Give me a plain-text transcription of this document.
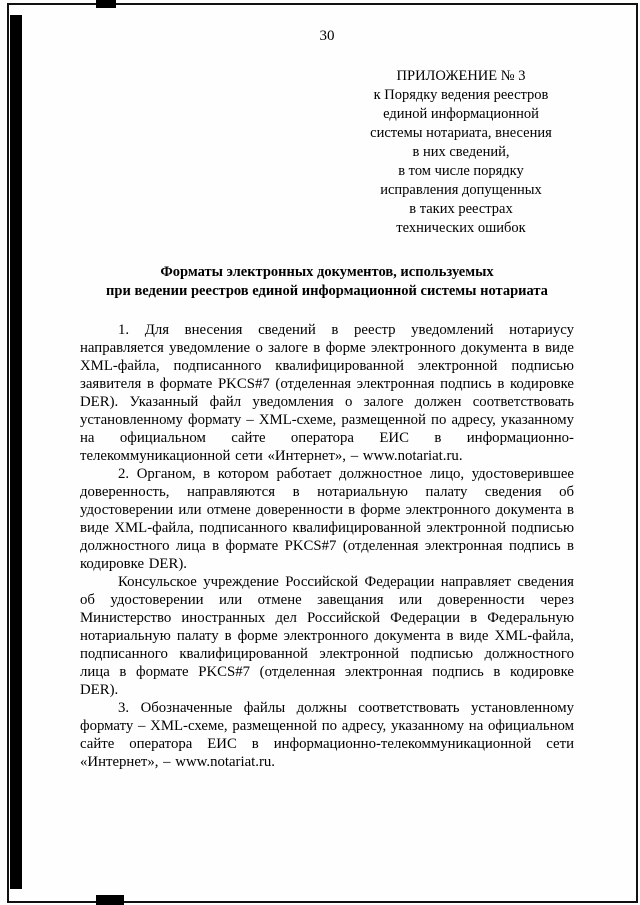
30
ПРИЛОЖЕНИЕ № 3
к Порядку ведения реестров
единой информационной
системы нотариата, внесения
в них сведений,
в том числе порядку
исправления допущенных
в таких реестрах
технических ошибок
Форматы электронных документов, используемых
при ведении реестров единой информационной системы нотариата

1. Для внесения сведений в реестр уведомлений нотариусу направляется уведомление о залоге в форме электронного документа в виде XML-файла, подписанного квалифицированной электронной подписью заявителя в формате PKCS#7 (отделенная электронная подпись в кодировке DER). Указанный файл уведомления о залоге должен соответствовать установленному формату – XML-схеме, размещенной по адресу, указанному на официальном сайте оператора ЕИС в информационно-телекоммуникационной сети «Интернет», – www.notariat.ru.

2. Органом, в котором работает должностное лицо, удостоверившее доверенность, направляются в нотариальную палату сведения об удостоверении или отмене доверенности в форме электронного документа в виде XML-файла, подписанного квалифицированной электронной подписью должностного лица в формате PKCS#7 (отделенная электронная подпись в кодировке DER).

Консульское учреждение Российской Федерации направляет сведения об удостоверении или отмене завещания или доверенности через Министерство иностранных дел Российской Федерации в Федеральную нотариальную палату в форме электронного документа в виде XML-файла, подписанного квалифицированной электронной подписью должностного лица в формате PKCS#7 (отделенная электронная подпись в кодировке DER).

3. Обозначенные файлы должны соответствовать установленному формату – XML-схеме, размещенной по адресу, указанному на официальном сайте оператора ЕИС в информационно-телекоммуникационной сети «Интернет», – www.notariat.ru.
